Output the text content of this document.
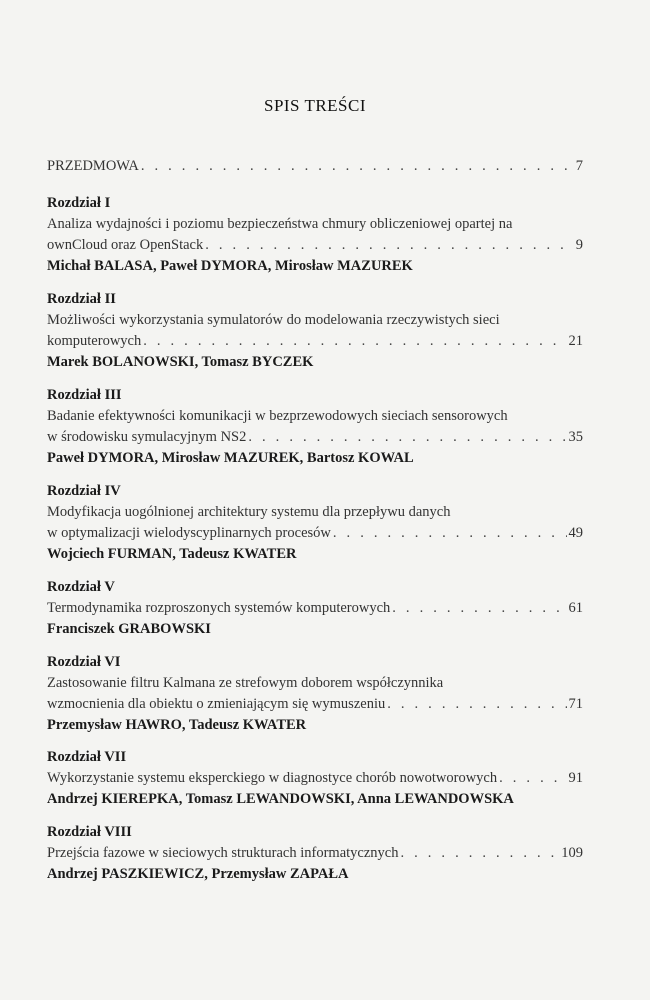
SPIS TREŚCI
PRZEDMOWA . . .	7
Rozdział I
Analiza wydajności i poziomu bezpieczeństwa chmury obliczeniowej opartej na
ownCloud oraz OpenStack . . .	9
Michał BALASA, Paweł DYMORA, Mirosław MAZUREK
Rozdział II
Możliwości wykorzystania symulatorów do modelowania rzeczywistych sieci
komputerowych . . .	21
Marek BOLANOWSKI, Tomasz BYCZEK
Rozdział III
Badanie efektywności komunikacji w bezprzewodowych sieciach sensorowych
w środowisku symulacyjnym NS2 . . .	35
Paweł DYMORA, Mirosław MAZUREK, Bartosz KOWAL
Rozdział IV
Modyfikacja uogólnionej architektury systemu dla przepływu danych
w optymalizacji wielodyscyplinarnych procesów . . .	49
Wojciech FURMAN, Tadeusz KWATER
Rozdział V
Termodynamika rozproszonych systemów komputerowych . . .	61
Franciszek GRABOWSKI
Rozdział VI
Zastosowanie filtru Kalmana ze strefowym doborem współczynnika
wzmocnienia dla obiektu o zmieniającym się wymuszeniu . . .	71
Przemysław HAWRO, Tadeusz KWATER
Rozdział VII
Wykorzystanie systemu eksperckiego w diagnostyce chorób nowotworowych . . .	91
Andrzej KIEREPKA, Tomasz LEWANDOWSKI, Anna LEWANDOWSKA
Rozdział VIII
Przejścia fazowe w sieciowych strukturach informatycznych . . .	109
Andrzej PASZKIEWICZ, Przemysław ZAPAŁA
